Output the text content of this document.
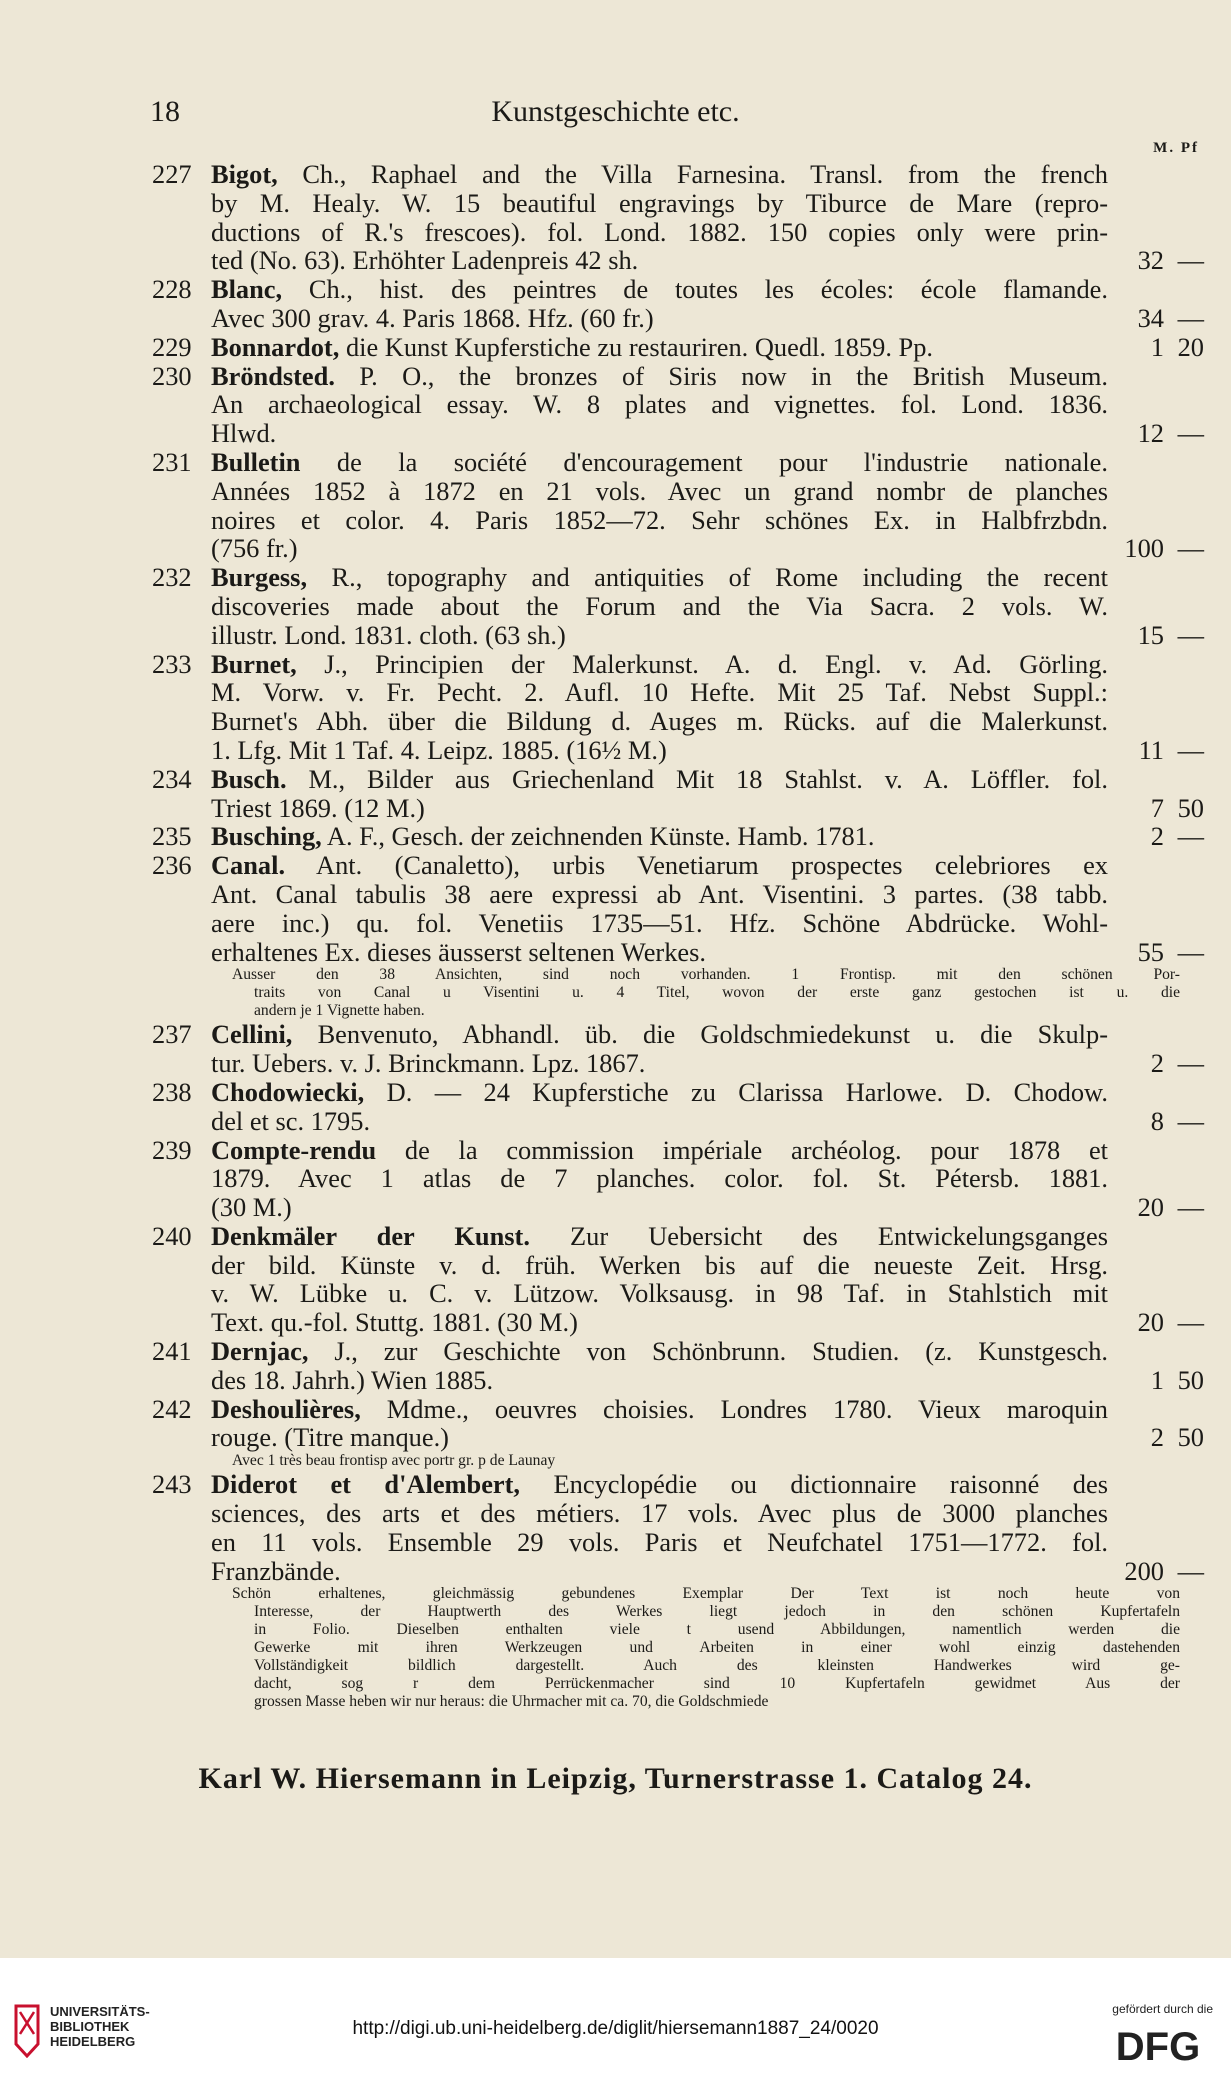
18	Kunstgeschichte etc.
M. Pf
227 Bigot, Ch., Raphael and the Villa Farnesina. Transl. from the french
by M. Healy. W. 15 beautiful engravings by Tiburce de Mare (repro-
ductions of R.'s frescoes). fol. Lond. 1882. 150 copies only were prin-
ted (No. 63). Erhöhter Ladenpreis 42 sh.	32 —
228 Blanc, Ch., hist. des peintres de toutes les écoles: école flamande.
Avec 300 grav. 4. Paris 1868. Hfz. (60 fr.)	34 —
229 Bonnardot, die Kunst Kupferstiche zu restauriren. Quedl. 1859. Pp.	1 20
230 Bröndsted. P. O., the bronzes of Siris now in the British Museum.
An archaeological essay. W. 8 plates and vignettes. fol. Lond. 1836.
Hlwd.	12 —
231 Bulletin de la société d'encouragement pour l'industrie nationale.
Années 1852 à 1872 en 21 vols. Avec un grand nombr de planches
noires et color. 4. Paris 1852—72. Sehr schönes Ex. in Halbfrzbdn.
(756 fr.)	100 —
232 Burgess, R., topography and antiquities of Rome including the recent
discoveries made about the Forum and the Via Sacra. 2 vols. W.
illustr. Lond. 1831. cloth. (63 sh.)	15 —
233 Burnet, J., Principien der Malerkunst. A. d. Engl. v. Ad. Görling.
M. Vorw. v. Fr. Pecht. 2. Aufl. 10 Hefte. Mit 25 Taf. Nebst Suppl.:
Burnet's Abh. über die Bildung d. Auges m. Rücks. auf die Malerkunst.
1. Lfg. Mit 1 Taf. 4. Leipz. 1885. (16½ M.)	11 —
234 Busch. M., Bilder aus Griechenland Mit 18 Stahlst. v. A. Löffler. fol.
Triest 1869. (12 M.)	7 50
235 Busching, A. F., Gesch. der zeichnenden Künste. Hamb. 1781.	2 —
236 Canal. Ant. (Canaletto), urbis Venetiarum prospectes celebriores ex
Ant. Canal tabulis 38 aere expressi ab Ant. Visentini. 3 partes. (38 tabb.
aere inc.) qu. fol. Venetiis 1735—51. Hfz. Schöne Abdrücke. Wohl-
erhaltenes Ex. dieses äusserst seltenen Werkes.	55 —
Ausser den 38 Ansichten, sind noch vorhanden. 1 Frontisp. mit den schönen Por-
traits von Canal u Visentini u. 4 Titel, wovon der erste ganz gestochen ist u. die
andern je 1 Vignette haben.
237 Cellini, Benvenuto, Abhandl. üb. die Goldschmiedekunst u. die Skulp-
tur. Uebers. v. J. Brinckmann. Lpz. 1867.	2 —
238 Chodowiecki, D. — 24 Kupferstiche zu Clarissa Harlowe. D. Chodow.
del et sc. 1795.	8 —
239 Compte-rendu de la commission impériale archéolog. pour 1878 et
1879. Avec 1 atlas de 7 planches. color. fol. St. Pétersb. 1881.
(30 M.)	20 —
240 Denkmäler der Kunst. Zur Uebersicht des Entwickelungsganges
der bild. Künste v. d. früh. Werken bis auf die neueste Zeit. Hrsg.
v. W. Lübke u. C. v. Lützow. Volksausg. in 98 Taf. in Stahlstich mit
Text. qu.-fol. Stuttg. 1881. (30 M.)	20 —
241 Dernjac, J., zur Geschichte von Schönbrunn. Studien. (z. Kunstgesch.
des 18. Jahrh.) Wien 1885.	1 50
242 Deshoulières, Mdme., oeuvres choisies. Londres 1780. Vieux maroquin
rouge. (Titre manque.)	2 50
Avec 1 très beau frontisp avec portr gr. p de Launay
243 Diderot et d'Alembert, Encyclopédie ou dictionnaire raisonné des
sciences, des arts et des métiers. 17 vols. Avec plus de 3000 planches
en 11 vols. Ensemble 29 vols. Paris et Neufchatel 1751—1772. fol.
Franzbände.	200 —
Schön erhaltenes, gleichmässig gebundenes Exemplar Der Text ist noch heute von
Interesse, der Hauptwerth des Werkes liegt jedoch in den schönen Kupfertafeln
in Folio. Dieselben enthalten viele t usend Abbildungen, namentlich werden die
Gewerke mit ihren Werkzeugen und Arbeiten in einer wohl einzig dastehenden
Vollständigkeit bildlich dargestellt. Auch des kleinsten Handwerkes wird ge-
dacht, sog r dem Perrückenmacher sind 10 Kupfertafeln gewidmet Aus der
grossen Masse heben wir nur heraus: die Uhrmacher mit ca. 70, die Goldschmiede
Karl W. Hiersemann in Leipzig, Turnerstrasse 1. Catalog 24.
UNIVERSITÄTS-
BIBLIOTHEK
HEIDELBERG
http://digi.ub.uni-heidelberg.de/diglit/hiersemann1887_24/0020
gefördert durch die
DFG
